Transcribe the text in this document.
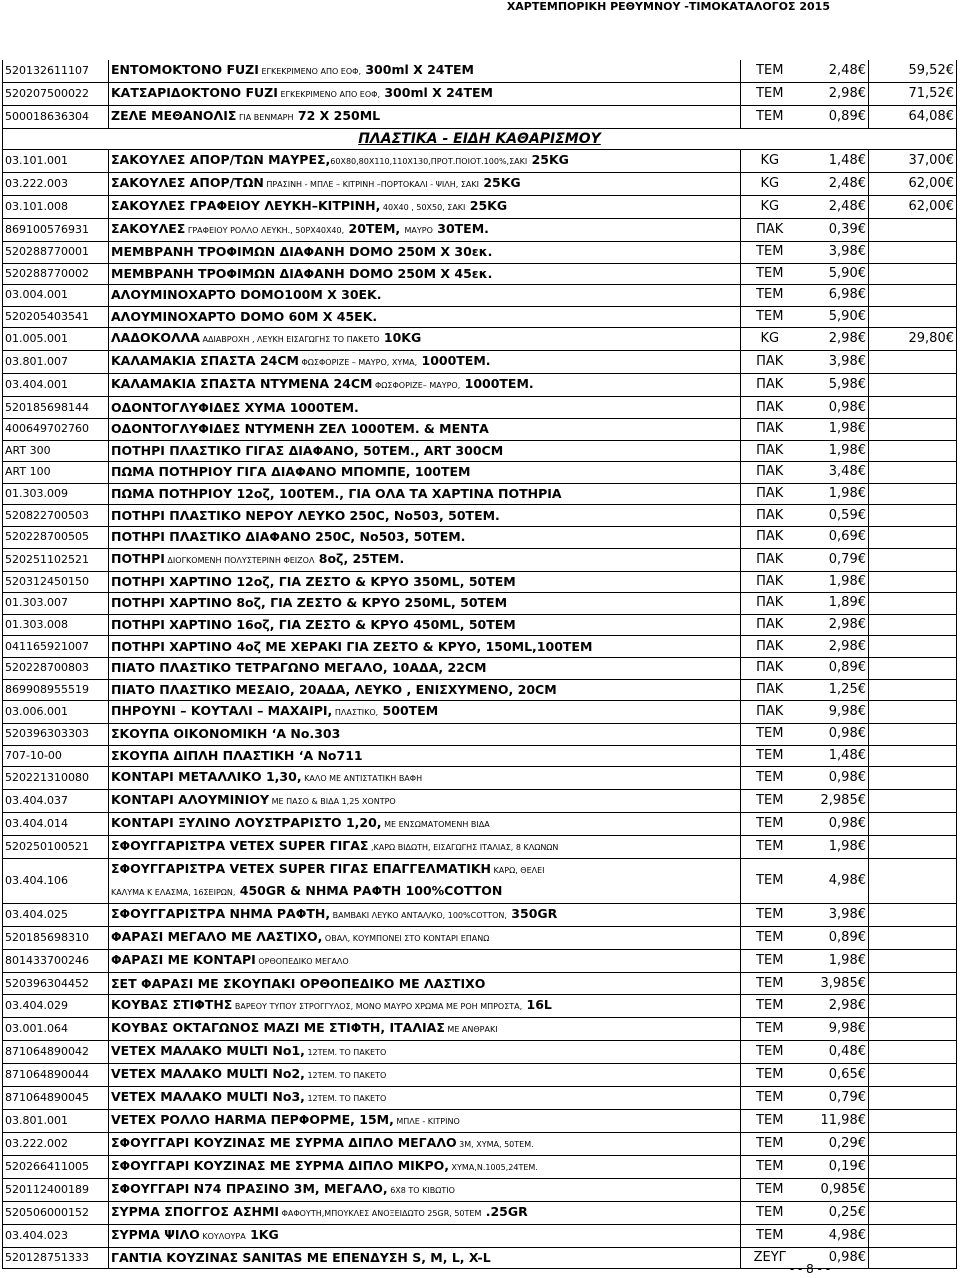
ΧΑΡΤΕΜΠΟΡΙΚΗ ΡΕΘΥΜΝΟΥ -ΤΙΜΟΚΑΤΑΛΟΓΟΣ 2015
520132611107	ΕΝΤΟΜΟΚΤΟΝΟ FUZI ΕΓΚΕΚΡΙΜΕΝΟ ΑΠΟ ΕΟΦ, 300ml Χ 24ΤΕΜ	ΤΕΜ	2,48€	59,52€
520207500022	ΚΑΤΣΑΡΙΔΟΚΤΟΝΟ FUZI ΕΓΚΕΚΡΙΜΕΝΟ ΑΠΟ ΕΟΦ, 300ml Χ 24ΤΕΜ	ΤΕΜ	2,98€	71,52€
500018636304	ΖΕΛΕ ΜΕΘΑΝΟΛΙΣ ΓΙΑ ΒΕΝΜΑΡΗ 72 Χ 250ML	ΤΕΜ	0,89€	64,08€
ΠΛΑΣΤΙΚΑ - ΕΙΔΗ ΚΑΘΑΡΙΣΜΟΥ				
03.101.001	ΣΑΚΟΥΛΕΣ ΑΠΟΡ/ΤΩΝ ΜΑΥΡΕΣ,60Χ80,80Χ110,110Χ130,ΠΡΟΤ.ΠΟΙΟΤ.100%,ΣΑΚΙ 25KG	KG	1,48€	37,00€
03.222.003	ΣΑΚΟΥΛΕΣ ΑΠΟΡ/ΤΩΝ ΠΡΑΣΙΝΗ - ΜΠΛΕ – ΚΙΤΡΙΝΗ –ΠΟΡΤΟΚΑΛΙ - ΨΙΛΗ, ΣΑΚΙ 25KG	KG	2,48€	62,00€
03.101.008	ΣΑΚΟΥΛΕΣ ΓΡΑΦΕΙΟΥ ΛΕΥΚΗ–ΚΙΤΡΙΝΗ, 40Χ40 , 50Χ50, ΣΑΚΙ 25KG	KG	2,48€	62,00€
869100576931	ΣΑΚΟΥΛΕΣ ΓΡΑΦΕΙΟΥ ΡΟΛΛΟ ΛΕΥΚΗ., 50ΡΧ40Χ40, 20ΤΕΜ, ΜΑΥΡΟ 30ΤΕΜ.	ΠΑΚ	0,39€	
520288770001	ΜΕΜΒΡΑΝΗ ΤΡΟΦΙΜΩΝ ΔΙΑΦΑΝΗ DOMO 250Μ Χ 30εκ.	ΤΕΜ	3,98€	
520288770002	ΜΕΜΒΡΑΝΗ ΤΡΟΦΙΜΩΝ ΔΙΑΦΑΝΗ DOMO 250Μ Χ 45εκ.	ΤΕΜ	5,90€	
03.004.001	ΑΛΟΥΜΙΝΟΧΑΡΤΟ DOMO100M X 30EK.	ΤΕΜ	6,98€	
520205403541	ΑΛΟΥΜΙΝΟΧΑΡΤΟ DOMO 60M X 45EK.	ΤΕΜ	5,90€	
01.005.001	ΛΑΔΟΚΟΛΛΑ ΑΔΙΑΒΡΟΧΗ , ΛΕΥΚΗ ΕΙΣΑΓΩΓΗΣ ΤΟ ΠΑΚΕΤΟ 10KG	KG	2,98€	29,80€
03.801.007	ΚΑΛΑΜΑΚΙΑ ΣΠΑΣΤΑ 24CM ΦΩΣΦΟΡΙΖΕ – ΜΑΥΡΟ, ΧΥΜΑ, 1000ΤΕΜ.	ΠΑΚ	3,98€	
03.404.001	ΚΑΛΑΜΑΚΙΑ ΣΠΑΣΤΑ ΝΤΥΜΕΝΑ 24CM ΦΩΣΦΟΡΙΖΕ– ΜΑΥΡΟ, 1000ΤΕΜ.	ΠΑΚ	5,98€	
520185698144	ΟΔΟΝΤΟΓΛΥΦΙΔΕΣ ΧΥΜΑ 1000ΤΕΜ.	ΠΑΚ	0,98€	
400649702760	ΟΔΟΝΤΟΓΛΥΦΙΔΕΣ ΝΤΥΜΕΝΗ ΖΕΛ 1000ΤΕΜ. & ΜΕΝΤΑ	ΠΑΚ	1,98€	
ART 300	ΠΟΤΗΡΙ ΠΛΑΣΤΙΚΟ ΓΙΓΑΣ ΔΙΑΦΑΝΟ, 50ΤΕΜ., ART 300CM	ΠΑΚ	1,98€	
ART 100	ΠΩΜΑ ΠΟΤΗΡΙΟΥ ΓΙΓΑ ΔΙΑΦΑΝΟ ΜΠΟΜΠΕ, 100ΤΕΜ	ΠΑΚ	3,48€	
01.303.009	ΠΩΜΑ ΠΟΤΗΡΙΟΥ 12οζ, 100ΤΕΜ., ΓΙΑ ΟΛΑ ΤΑ ΧΑΡΤΙΝΑ ΠΟΤΗΡΙΑ	ΠΑΚ	1,98€	
520822700503	ΠΟΤΗΡΙ ΠΛΑΣΤΙΚΟ ΝΕΡΟΥ ΛΕΥΚΟ 250C, Νο503, 50ΤΕΜ.	ΠΑΚ	0,59€	
520228700505	ΠΟΤΗΡΙ ΠΛΑΣΤΙΚΟ ΔΙΑΦΑΝΟ 250C, Νο503, 50ΤΕΜ.	ΠΑΚ	0,69€	
520251102521	ΠΟΤΗΡΙ ΔΙΟΓΚΟΜΕΝΗ ΠΟΛΥΣΤΕΡΙΝΗ ΦΕΙΖΟΛ 8οζ, 25ΤΕΜ.	ΠΑΚ	0,79€	
520312450150	ΠΟΤΗΡΙ ΧΑΡΤΙΝΟ 12οζ, ΓΙΑ ΖΕΣΤΟ & ΚΡΥΟ 350ML, 50ΤΕΜ	ΠΑΚ	1,98€	
01.303.007	ΠΟΤΗΡΙ ΧΑΡΤΙΝΟ 8οζ, ΓΙΑ ΖΕΣΤΟ & ΚΡΥΟ 250ML, 50ΤΕΜ	ΠΑΚ	1,89€	
01.303.008	ΠΟΤΗΡΙ ΧΑΡΤΙΝΟ 16οζ, ΓΙΑ ΖΕΣΤΟ & ΚΡΥΟ 450ML, 50ΤΕΜ	ΠΑΚ	2,98€	
041165921007	ΠΟΤΗΡΙ ΧΑΡΤΙΝΟ 4οζ ΜΕ ΧΕΡΑΚΙ ΓΙΑ ΖΕΣΤΟ & ΚΡΥΟ, 150ML,100ΤΕΜ	ΠΑΚ	2,98€	
520228700803	ΠΙΑΤΟ ΠΛΑΣΤΙΚΟ ΤΕΤΡΑΓΩΝΟ ΜΕΓΑΛΟ, 10ΑΔΑ, 22CM	ΠΑΚ	0,89€	
869908955519	ΠΙΑΤΟ ΠΛΑΣΤΙΚΟ ΜΕΣΑΙΟ, 20ΑΔΑ, ΛΕΥΚΟ , ΕΝΙΣΧΥΜΕΝΟ, 20CM	ΠΑΚ	1,25€	
03.006.001	ΠΗΡΟΥΝΙ – ΚΟΥΤΑΛΙ – ΜΑΧΑΙΡΙ, ΠΛΑΣΤΙΚΟ, 500ΤΕΜ	ΠΑΚ	9,98€	
520396303303	ΣΚΟΥΠΑ ΟΙΚΟΝΟΜΙΚΗ ‘Α Νο.303	ΤΕΜ	0,98€	
707-10-00	ΣΚΟΥΠΑ ΔΙΠΛΗ ΠΛΑΣΤΙΚΗ ‘Α Νο711	ΤΕΜ	1,48€	
520221310080	ΚΟΝΤΑΡΙ ΜΕΤΑΛΛΙΚΟ 1,30, ΚΑΛΟ ΜΕ ΑΝΤΙΣΤΑΤΙΚΗ ΒΑΦΗ	ΤΕΜ	0,98€	
03.404.037	ΚΟΝΤΑΡΙ ΑΛΟΥΜΙΝΙΟΥ ΜΕ ΠΑΣΟ & ΒΙΔΑ 1,25 ΧΟΝΤΡΟ	ΤΕΜ	2,985€	
03.404.014	ΚΟΝΤΑΡΙ ΞΥΛΙΝΟ ΛΟΥΣΤΡΑΡΙΣΤΟ 1,20, ΜΕ ΕΝΣΩΜΑΤΟΜΕΝΗ ΒΙΔΑ	ΤΕΜ	0,98€	
520250100521	ΣΦΟΥΓΓΑΡΙΣΤΡΑ VETEX SUPER ΓΙΓΑΣ ,ΚΑΡΩ ΒΙΔΩΤΗ, ΕΙΣΑΓΩΓΗΣ ΙΤΑΛΙΑΣ, 8 ΚΛΩΝΩΝ	ΤΕΜ	1,98€	
03.404.106	ΣΦΟΥΓΓΑΡΙΣΤΡΑ VETEX SUPER ΓΙΓΑΣ ΕΠΑΓΓΕΛΜΑΤΙΚΗ ΚΑΡΩ, ΘΕΛΕΙ
ΚΑΛΥΜΑ Κ ΕΛΑΣΜΑ, 16ΣΕΙΡΩΝ, 450GR & ΝΗΜΑ ΡΑΦΤΗ 100%COTTON	ΤΕΜ	4,98€	
03.404.025	ΣΦΟΥΓΓΑΡΙΣΤΡΑ ΝΗΜΑ ΡΑΦΤΗ, ΒΑΜΒΑΚΙ ΛΕΥΚΟ ΑΝΤΑΛ/ΚΟ, 100%COTTON, 350GR	ΤΕΜ	3,98€	
520185698310	ΦΑΡΑΣΙ ΜΕΓΑΛΟ ΜΕ ΛΑΣΤΙΧΟ, ΟΒΑΛ, ΚΟΥΜΠΟΝΕΙ ΣΤΟ ΚΟΝΤΑΡΙ ΕΠΑΝΩ	ΤΕΜ	0,89€	
801433700246	ΦΑΡΑΣΙ ΜΕ ΚΟΝΤΑΡΙ ΟΡΘΟΠΕΔΙΚΟ ΜΕΓΑΛΟ	ΤΕΜ	1,98€	
520396304452	ΣΕΤ ΦΑΡΑΣΙ ΜΕ ΣΚΟΥΠΑΚΙ ΟΡΘΟΠΕΔΙΚΟ ΜΕ ΛΑΣΤΙΧΟ	ΤΕΜ	3,985€	
03.404.029	ΚΟΥΒΑΣ ΣΤΙΦΤΗΣ ΒΑΡΕΟΥ ΤΥΠΟΥ ΣΤΡΟΓΓΥΛΟΣ, ΜΟΝΟ ΜΑΥΡΟ ΧΡΩΜΑ ΜΕ ΡΟΗ ΜΠΡΟΣΤΑ, 16L	ΤΕΜ	2,98€	
03.001.064	ΚΟΥΒΑΣ ΟΚΤΑΓΩΝΟΣ ΜΑΖΙ ΜΕ ΣΤΙΦΤΗ, ΙΤΑΛΙΑΣ ΜΕ ΑΝΘΡΑΚΙ	ΤΕΜ	9,98€	
871064890042	VETEX ΜΑΛΑΚΟ MULTI Νο1, 12ΤΕΜ. ΤΟ ΠΑΚΕΤΟ	ΤΕΜ	0,48€	
871064890044	VETEX ΜΑΛΑΚΟ MULTI Νο2, 12ΤΕΜ. ΤΟ ΠΑΚΕΤΟ	ΤΕΜ	0,65€	
871064890045	VETEX ΜΑΛΑΚΟ MULTI Νο3, 12ΤΕΜ. ΤΟ ΠΑΚΕΤΟ	ΤΕΜ	0,79€	
03.801.001	VETEX ΡΟΛΛΟ HARMA ΠΕΡΦΟΡΜΕ, 15Μ, ΜΠΛΕ - ΚΙΤΡΙΝΟ	ΤΕΜ	11,98€	
03.222.002	ΣΦΟΥΓΓΑΡΙ ΚΟΥΖΙΝΑΣ ΜΕ ΣΥΡΜΑ ΔΙΠΛΟ ΜΕΓΑΛΟ 3Μ, ΧΥΜΑ, 50ΤΕΜ.	ΤΕΜ	0,29€	
520266411005	ΣΦΟΥΓΓΑΡΙ ΚΟΥΖΙΝΑΣ ΜΕ ΣΥΡΜΑ ΔΙΠΛΟ ΜΙΚΡΟ, ΧΥΜΑ,Ν.1005,24ΤΕΜ.	ΤΕΜ	0,19€	
520112400189	ΣΦΟΥΓΓΑΡΙ Ν74 ΠΡΑΣΙΝΟ 3Μ, ΜΕΓΑΛΟ, 6Χ8 ΤΟ ΚΙΒΩΤΙΟ	ΤΕΜ	0,985€	
520506000152	ΣΥΡΜΑ ΣΠΟΓΓΟΣ ΑΣΗΜΙ ΦΑΦΟΥΤΗ,ΜΠΟΥΚΛΕΣ ΑΝΟΞΕΙΔΩΤΟ 25GR, 50ΤΕΜ .25GR	ΤΕΜ	0,25€	
03.404.023	ΣΥΡΜΑ ΨΙΛΟ ΚΟΥΛΟΥΡΑ 1KG	ΤΕΜ	4,98€	
520128751333	ΓΑΝΤΙΑ ΚΟΥΖΙΝΑΣ SANITAS ΜΕ ΕΠΕΝΔΥΣΗ S, M, L, X-L	ΖΕΥΓ	0,98€	
- - 8 - -
